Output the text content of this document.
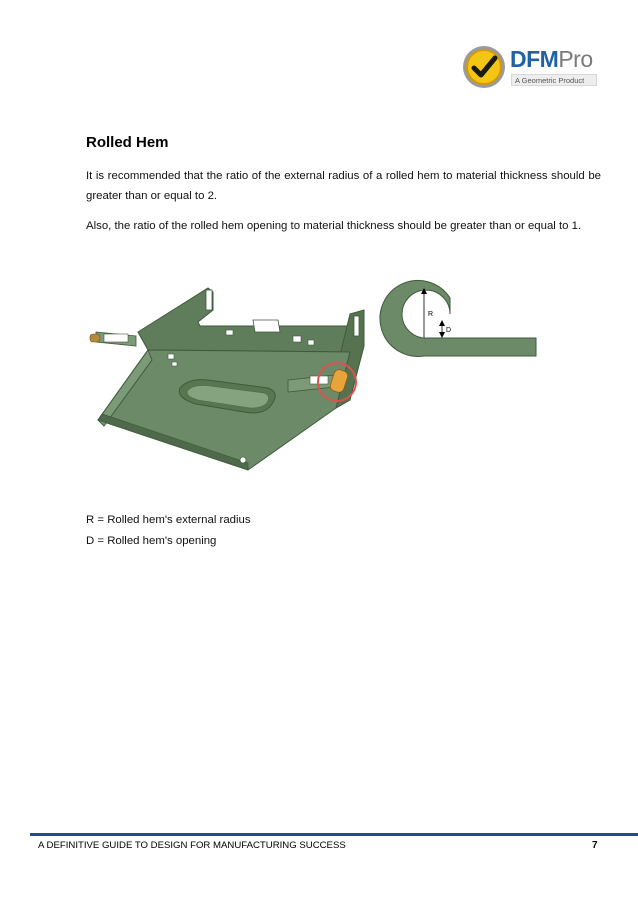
DFMPro
A Geometric Product
Rolled Hem
It is recommended that the ratio of the external radius of a rolled hem to material thickness should be greater than or equal to 2.
Also, the ratio of the rolled hem opening to material thickness should be greater than or equal to 1.
R
D
R = Rolled hem's external radius
D = Rolled hem's opening
A DEFINITIVE GUIDE TO DESIGN FOR MANUFACTURING SUCCESS	7
